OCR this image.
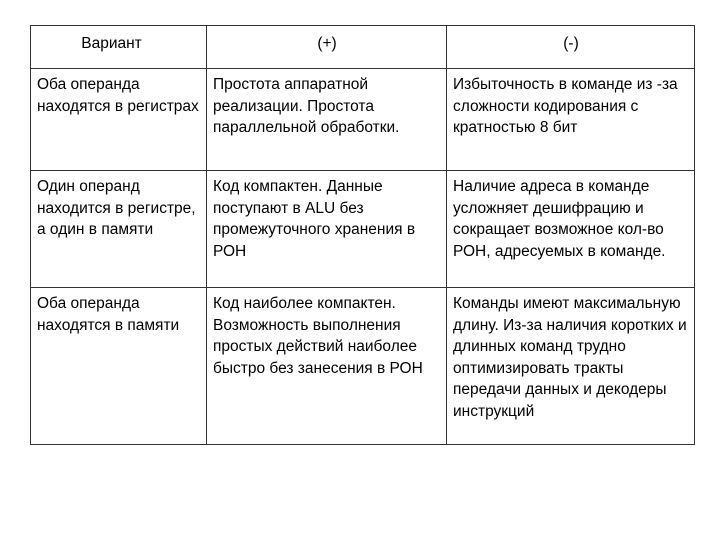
Вариант	(+)	(-)
Оба операнда находятся в регистрах	Простота аппаратной реализации. Простота параллельной обработки.	Избыточность в команде из -за сложности кодирования с кратностью 8 бит
Один операнд находится в регистре, а один в памяти	Код компактен. Данные поступают в ALU без промежуточного хранения в РОН	Наличие адреса в команде усложняет дешифрацию и сокращает возможное кол-во РОН, адресуемых в команде.
Оба операнда находятся в памяти	Код наиболее компактен. Возможность выполнения простых действий наиболее быстро без занесения в РОН	Команды имеют максимальную длину. Из-за наличия коротких и длинных команд трудно оптимизировать тракты передачи данных и декодеры инструкций
